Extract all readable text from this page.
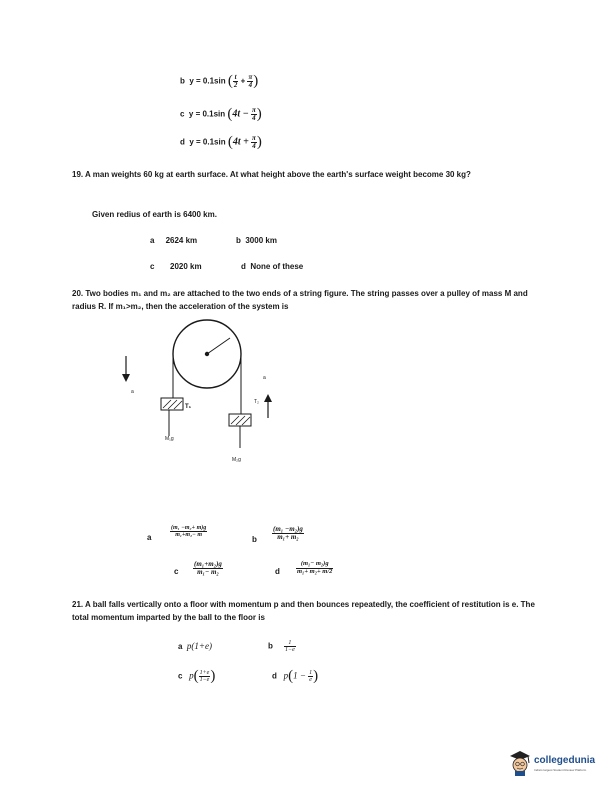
b y = 0.1sin ( $\frac{t}{2} + \frac{\pi}{4}$ )
c y = 0.1sin ($4t - \frac{\pi}{4}$ )
d y = 0.1sin ($4t + \frac{\pi}{4}$ )
19. A man weights 60 kg at earth surface. At what height above the earth's surface weight become 30 kg?
Given redius of earth is 6400 km.
a 2624 km	b 3000 km
c 2020 km	d None of these
20. Two bodies m₁ and m₂ are attached to the two ends of a string figure. The string passes over a pulley of mass M and radius R. If m₁>m₂, then the acceleration of the system is
a
a
T₁
T₂
M₁g
M₂g
a	$\frac{\text{(m₁ −m₂+ m)g}}{\text{m₁+m₂− m}}$
b $\frac{\text{(m₁ −m₂)g}}{\text{m₁+ m₂}}$
c $\frac{\text{(m₁+m₂)g}}{\text{m₁− m₂}}$	d $\frac{\text{(m₁− m₂)g}}{\text{m₁+ m₂+ m/2}}$
21. A ball falls vertically onto a floor with momentum p and then bounces repeatedly, the coefficient of restitution is e. The total momentum imparted by the ball to the floor is
a p(1+e)	b $\frac{1}{1-e}$
c $p( \frac{1+e}{1-e}$ )	d $p(1 - \frac{1}{e}$ )
collegedunia
India's largest Student Review Platform
